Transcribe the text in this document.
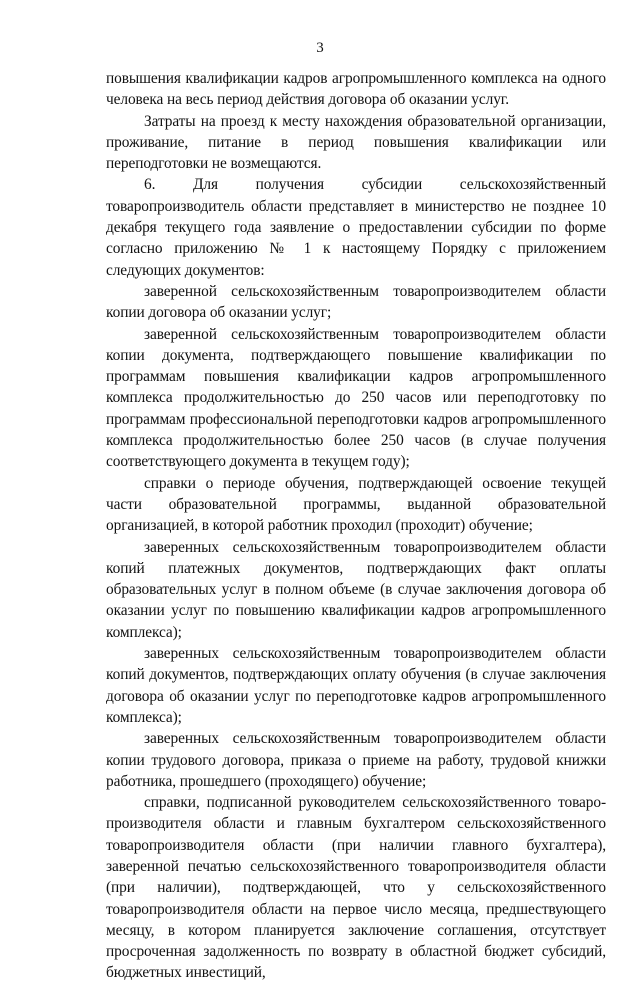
3

повышения квалификации кадров агропромышленного комплекса на одного человека на весь период действия договора об оказании услуг.

Затраты на проезд к месту нахождения образовательной организации, проживание, питание в период повышения квалификации или переподготовки не возмещаются.

6. Для получения субсидии сельскохозяйственный товаропроизводитель области представляет в министерство не позднее 10 декабря текущего года заявление о предоставлении субсидии по форме согласно приложению № 1 к настоящему Порядку с приложением следующих документов:

заверенной сельскохозяйственным товаропроизводителем области копии договора об оказании услуг;

заверенной сельскохозяйственным товаропроизводителем области копии документа, подтверждающего повышение квалификации по программам повышения квалификации кадров агропромышленного комплекса продолжительностью до 250 часов или переподготовку по программам профессиональной переподготовки кадров агропромышленного комплекса продолжительностью более 250 часов (в случае получения соответствующего документа в текущем году);

справки о периоде обучения, подтверждающей освоение текущей части образовательной программы, выданной образовательной организацией, в которой работник проходил (проходит) обучение;

заверенных сельскохозяйственным товаропроизводителем области копий платежных документов, подтверждающих факт оплаты образовательных услуг в полном объеме (в случае заключения договора об оказании услуг по повышению квалификации кадров агропромышленного комплекса);

заверенных сельскохозяйственным товаропроизводителем области копий документов, подтверждающих оплату обучения (в случае заключения договора об оказании услуг по переподготовке кадров агропромышленного комплекса);

заверенных сельскохозяйственным товаропроизводителем области копии трудового договора, приказа о приеме на работу, трудовой книжки работника, прошедшего (проходящего) обучение;

справки, подписанной руководителем сельскохозяйственного товаро-производителя области и главным бухгалтером сельскохозяйственного товаропроизводителя области (при наличии главного бухгалтера), заверенной печатью сельскохозяйственного товаропроизводителя области (при наличии), подтверждающей, что у сельскохозяйственного товаропроизводителя области на первое число месяца, предшествующего месяцу, в котором планируется заключение соглашения, отсутствует просроченная задолженность по возврату в областной бюджет субсидий, бюджетных инвестиций,
